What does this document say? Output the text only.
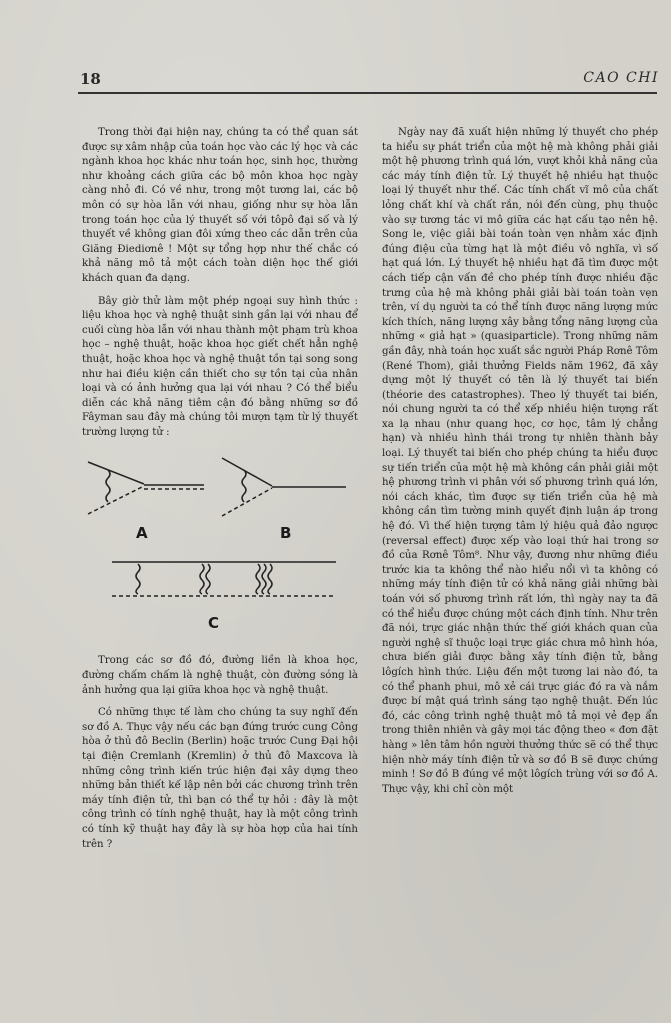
18	CAO CHI

Trong thời đại hiện nay, chúng ta có thể quan sát được sự xâm nhập của toán học vào các lý học và các ngành khoa học khác như toán học, sinh học, thường như khoảng cách giữa các bộ môn khoa học ngày càng nhỏ đi. Có về như, trong một tương lai, các bộ môn có sự hòa lẫn với nhau, giống như sự hòa lẫn trong toán học của lý thuyết số với tôpô đại số và lý thuyết về không gian đôi xứng theo các dẫn trên của Giăng Điediơnê ! Một sự tổng hợp như thế chắc có khả năng mô tả một cách toàn diện học thế giới khách quan đa dạng.

Bây giờ thử làm một phép ngoại suy hình thức : liệu khoa học và nghệ thuật sinh gần lại với nhau để cuối cùng hòa lẫn với nhau thành một phạm trù khoa học – nghệ thuật, hoặc khoa học giết chết hẳn nghệ thuật, hoặc khoa học và nghệ thuật tồn tại song song như hai điều kiện cần thiết cho sự tồn tại của nhân loại và có ảnh hưởng qua lại với nhau ? Có thể biểu diễn các khả năng tiêm cận đó bằng những sơ đồ Fâyman sau đây mà chúng tôi mượn tạm từ lý thuyết trường lượng tử :

A	B
C

Trong các sơ đồ đó, đường liền là khoa học, đường chấm chấm là nghệ thuật, còn đường sóng là ảnh hưởng qua lại giữa khoa học và nghệ thuật.

Có những thực tế làm cho chúng ta suy nghĩ đến sơ đồ A. Thực vậy nếu các bạn đứng trước cung Công hòa ở thủ đô Beclin (Berlin) hoặc trước Cung Đại hội tại điện Cremlanh (Kremlin) ở thủ đô Maxcova là những công trình kiến trúc hiện đại xây dựng theo những bản thiết kế lập nên bởi các chương trình trên máy tính điện tử, thì bạn có thể tự hỏi : đây là một công trình có tính nghệ thuật, hay là một công trình có tính kỹ thuật hay đây là sự hòa hợp của hai tính trên ?

Ngày nay đã xuất hiện những lý thuyết cho phép ta hiểu sự phát triển của một hệ mà không phải giải một hệ phương trình quá lớn, vượt khỏi khả năng của các máy tính điện tử. Lý thuyết hệ nhiều hạt thuộc loại lý thuyết như thế. Các tính chất vĩ mô của chất lỏng chất khí và chất rắn, nói đến cùng, phụ thuộc vào sự tương tác vi mô giữa các hạt cấu tạo nên hệ. Song le, việc giải bài toán toàn vẹn nhằm xác định đúng điệu của từng hạt là một điều vô nghĩa, vì số hạt quá lớn. Lý thuyết hệ nhiều hạt đã tìm được một cách tiếp cận vấn đề cho phép tính được nhiều đặc trưng của hệ mà không phải giải bài toán toàn vẹn trên, ví dụ người ta có thể tính được năng lượng mức kích thích, năng lượng xây bằng tổng năng lượng của những « giả hạt » (quasiparticle). Trong những năm gần đây, nhà toán học xuất sắc người Pháp Rơnê Tôm (René Thom), giải thưởng Fields năm 1962, đã xây dựng một lý thuyết có tên là lý thuyết tai biến (théorie des catastrophes). Theo lý thuyết tai biến, nói chung người ta có thể xếp nhiều hiện tượng rất xa lạ nhau (như quang học, cơ học, tâm lý chẳng hạn) và nhiều hình thái trong tự nhiên thành bảy loại. Lý thuyết tai biến cho phép chúng ta hiểu được sự tiến triển của một hệ mà không cần phải giải một hệ phương trình vi phân với số phương trình quá lớn, nói cách khác, tìm được sự tiến triển của hệ mà không cần tìm tường minh quyết định luận áp trong hệ đó. Vì thế hiện tượng tâm lý hiệu quả đảo ngược (reversal effect) được xếp vào loại thứ hai trong sơ đồ của Rơnê Tôm⁸. Như vậy, đương như những điều trước kia ta không thể nào hiểu nổi vì ta không có những máy tính điện tử có khả năng giải những bài toán với số phương trình rất lớn, thì ngày nay ta đã có thể hiểu được chúng một cách định tính. Như trên đã nói, trực giác nhận thức thế giới khách quan của người nghệ sĩ thuộc loại trực giác chưa mô hình hóa, chưa biến giải được bằng xây tính điện tử, bằng lôgích hình thức. Liệu đến một tương lai nào đó, ta có thể phanh phui, mô xẻ cái trực giác đó ra và nắm được bí mật quá trình sáng tạo nghệ thuật. Đến lúc đó, các công trình nghệ thuật mô tả mọi vẻ đẹp ẩn trong thiên nhiên và gây mọi tác động theo « đơn đặt hàng » lên tâm hồn người thưởng thức sẽ có thể thực hiện nhờ máy tính điện tử và sơ đồ B sẽ được chứng minh ! Sơ đồ B đúng về một lôgích trùng với sơ đồ A. Thực vậy, khi chỉ còn một
